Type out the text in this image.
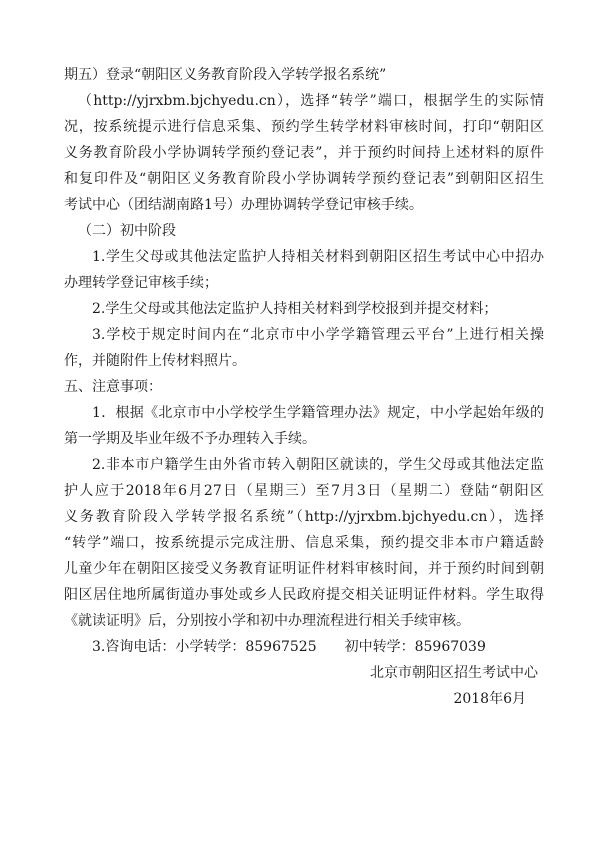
期五）登录“朝阳区义务教育阶段入学转学报名系统”
（http://yjrxbm.bjchyedu.cn），选择“转学”端口，根据学生的实际情
况，按系统提示进行信息采集、预约学生转学材料审核时间，打印“朝阳区
义务教育阶段小学协调转学预约登记表”，并于预约时间持上述材料的原件
和复印件及“朝阳区义务教育阶段小学协调转学预约登记表”到朝阳区招生
考试中心（团结湖南路1号）办理协调转学登记审核手续。
（二）初中阶段
1.学生父母或其他法定监护人持相关材料到朝阳区招生考试中心中招办
办理转学登记审核手续；
2.学生父母或其他法定监护人持相关材料到学校报到并提交材料；
3.学校于规定时间内在“北京市中小学学籍管理云平台”上进行相关操
作，并随附件上传材料照片。
五、注意事项：
1．根据《北京市中小学校学生学籍管理办法》规定，中小学起始年级的
第一学期及毕业年级不予办理转入手续。
2.非本市户籍学生由外省市转入朝阳区就读的，学生父母或其他法定监
护人应于2018年6月27日（星期三）至7月3日（星期二）登陆“朝阳区
义务教育阶段入学转学报名系统”（http://yjrxbm.bjchyedu.cn），选择
“转学”端口，按系统提示完成注册、信息采集，预约提交非本市户籍适龄
儿童少年在朝阳区接受义务教育证明证件材料审核时间，并于预约时间到朝
阳区居住地所属街道办事处或乡人民政府提交相关证明证件材料。学生取得
《就读证明》后，分别按小学和初中办理流程进行相关手续审核。
3.咨询电话：小学转学：85967525　　初中转学：85967039
北京市朝阳区招生考试中心
2018年6月
